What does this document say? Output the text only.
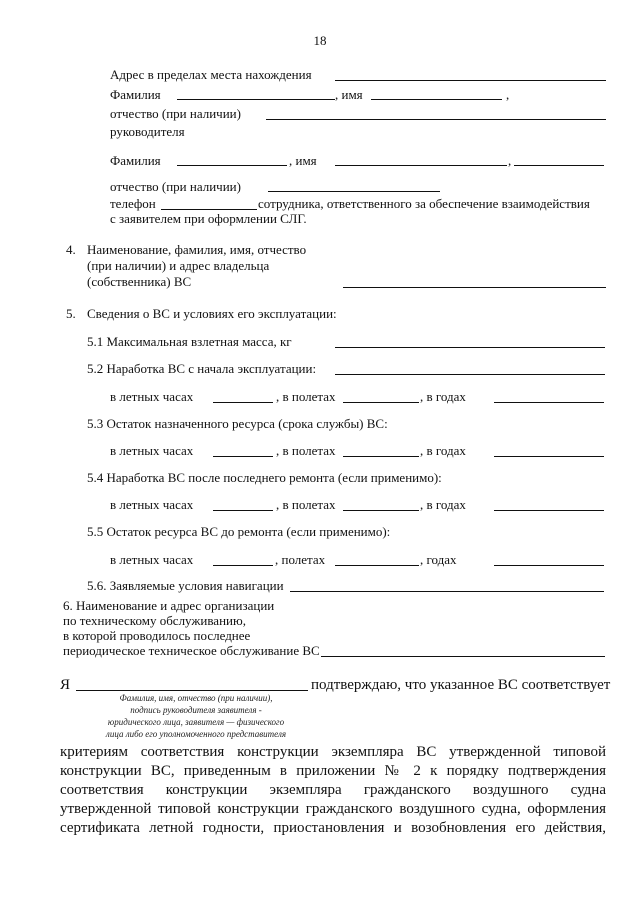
18
Адрес в пределах места нахождения
Фамилия	, имя	,
отчество (при наличии)
руководителя
Фамилия	, имя	,
отчество (при наличии)
телефон	сотрудника, ответственного за обеспечение взаимодействия
с заявителем при оформлении СЛГ.
4. Наименование, фамилия, имя, отчество
(при наличии) и адрес владельца
(собственника) ВС
5. Сведения о ВС и условиях его эксплуатации:
5.1 Максимальная взлетная масса, кг
5.2 Наработка ВС с начала эксплуатации:
в летных часах	, в полетах	, в годах
5.3 Остаток назначенного ресурса (срока службы) ВС:
в летных часах	, в полетах	, в годах
5.4 Наработка ВС после последнего ремонта (если применимо):
в летных часах	, в полетах	, в годах
5.5 Остаток ресурса ВС до ремонта (если применимо):
в летных часах	, полетах	, годах
5.6. Заявляемые условия навигации
6. Наименование и адрес организации
по техническому обслуживанию,
в которой проводилось последнее
периодическое техническое обслуживание ВС
Я	подтверждаю, что указанное ВС соответствует
Фамилия, имя, отчество (при наличии),
подпись руководителя заявителя -
юридического лица, заявителя — физического
лица либо его уполномоченного представителя
критериям соответствия конструкции экземпляра ВС утвержденной типовой
конструкции ВС, приведенным в приложении № 2 к порядку подтверждения
соответствия конструкции экземпляра гражданского воздушного судна
утвержденной типовой конструкции гражданского воздушного судна, оформления
сертификата летной годности, приостановления и возобновления его действия,
